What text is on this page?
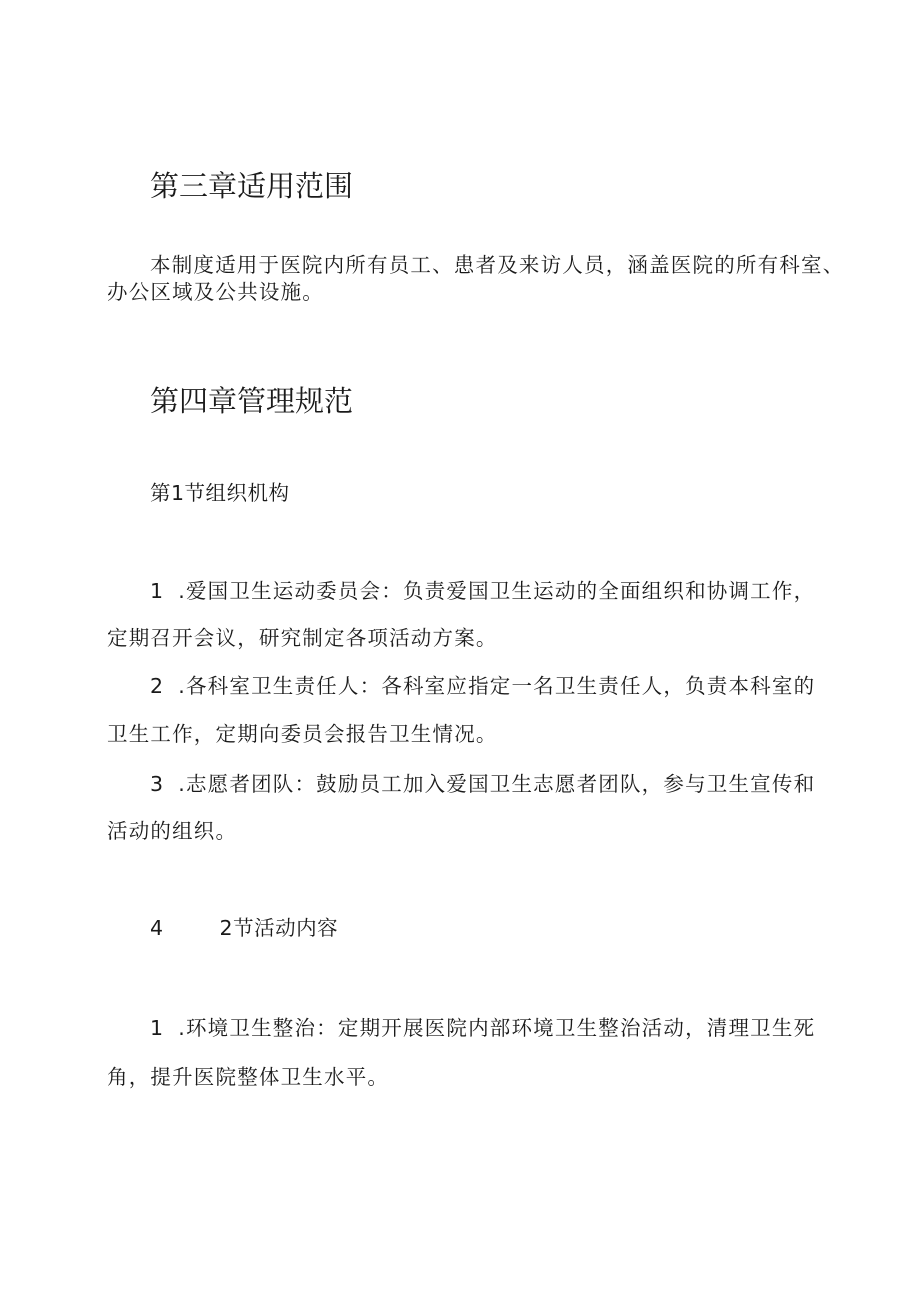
第三章适用范围

本制度适用于医院内所有员工、患者及来访人员，涵盖医院的所有科室、

办公区域及公共设施。

第四章管理规范
第1节组织机构

1 .爱国卫生运动委员会：负责爱国卫生运动的全面组织和协调工作，

定期召开会议，研究制定各项活动方案。

2 .各科室卫生责任人：各科室应指定一名卫生责任人，负责本科室的

卫生工作，定期向委员会报告卫生情况。

3 .志愿者团队：鼓励员工加入爱国卫生志愿者团队，参与卫生宣传和

活动的组织。

4	2节活动内容

1 .环境卫生整治：定期开展医院内部环境卫生整治活动，清理卫生死

角，提升医院整体卫生水平。
